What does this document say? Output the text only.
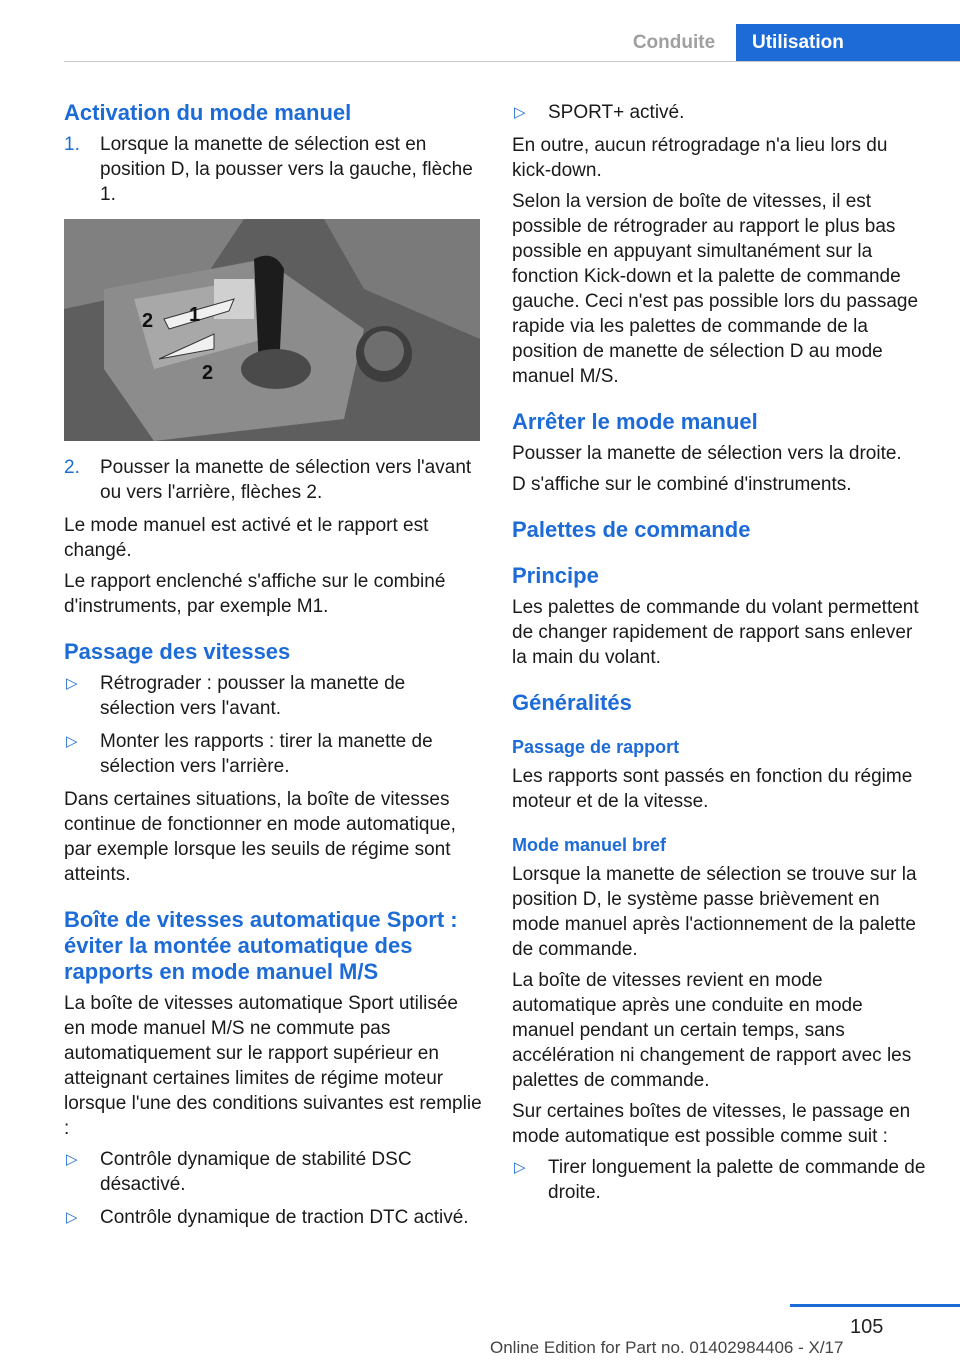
Conduite	Utilisation
Activation du mode manuel
1. Lorsque la manette de sélection est en position D, la pousser vers la gauche, flèche 1.
1
2
2
2. Pousser la manette de sélection vers l'avant ou vers l'arrière, flèches 2.

Le mode manuel est activé et le rapport est changé.

Le rapport enclenché s'affiche sur le combiné d'instruments, par exemple M1.

Passage des vitesses
▷ Rétrograder : pousser la manette de sélection vers l'avant.
▷ Monter les rapports : tirer la manette de sélection vers l'arrière.

Dans certaines situations, la boîte de vitesses continue de fonctionner en mode automatique, par exemple lorsque les seuils de régime sont atteints.

Boîte de vitesses automatique Sport : éviter la montée automatique des rapports en mode manuel M/S

La boîte de vitesses automatique Sport utilisée en mode manuel M/S ne commute pas automatiquement sur le rapport supérieur en atteignant certaines limites de régime moteur lorsque l'une des conditions suivantes est remplie :

▷ Contrôle dynamique de stabilité DSC désactivé.
▷ Contrôle dynamique de traction DTC activé.
▷ SPORT+ activé.

En outre, aucun rétrogradage n'a lieu lors du kick-down.

Selon la version de boîte de vitesses, il est possible de rétrograder au rapport le plus bas possible en appuyant simultanément sur la fonction Kick-down et la palette de commande gauche. Ceci n'est pas possible lors du passage rapide via les palettes de commande de la position de manette de sélection D au mode manuel M/S.

Arrêter le mode manuel

Pousser la manette de sélection vers la droite.

D s'affiche sur le combiné d'instruments.

Palettes de commande
Principe

Les palettes de commande du volant permettent de changer rapidement de rapport sans enlever la main du volant.

Généralités
Passage de rapport

Les rapports sont passés en fonction du régime moteur et de la vitesse.

Mode manuel bref

Lorsque la manette de sélection se trouve sur la position D, le système passe brièvement en mode manuel après l'actionnement de la palette de commande.

La boîte de vitesses revient en mode automatique après une conduite en mode manuel pendant un certain temps, sans accélération ni changement de rapport avec les palettes de commande.

Sur certaines boîtes de vitesses, le passage en mode automatique est possible comme suit :

▷ Tirer longuement la palette de commande de droite.
105
Online Edition for Part no. 01402984406 - X/17
